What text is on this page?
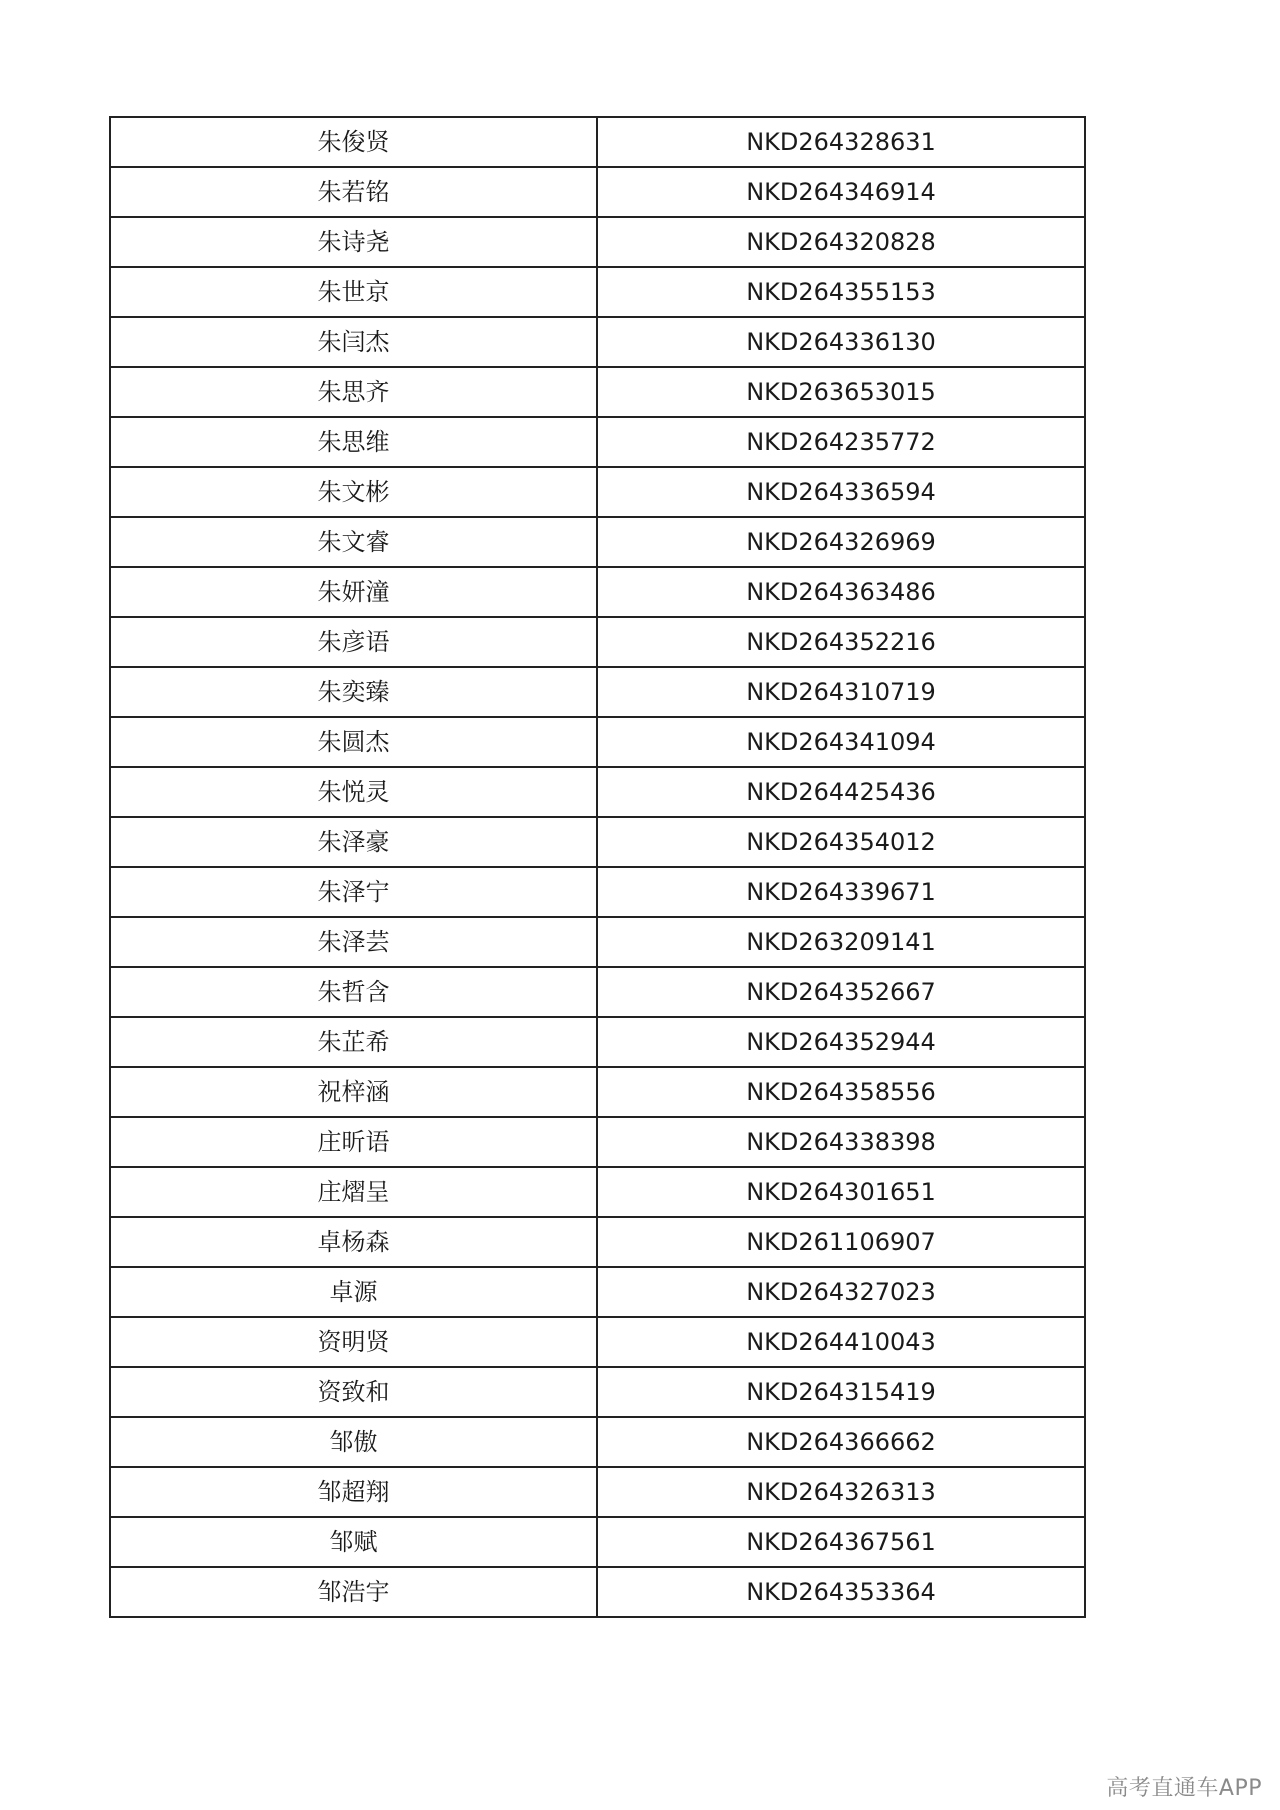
朱俊贤	NKD264328631
朱若铭	NKD264346914
朱诗尧	NKD264320828
朱世京	NKD264355153
朱闫杰	NKD264336130
朱思齐	NKD263653015
朱思维	NKD264235772
朱文彬	NKD264336594
朱文睿	NKD264326969
朱妍潼	NKD264363486
朱彦语	NKD264352216
朱奕臻	NKD264310719
朱圆杰	NKD264341094
朱悦灵	NKD264425436
朱泽豪	NKD264354012
朱泽宁	NKD264339671
朱泽芸	NKD263209141
朱哲含	NKD264352667
朱芷希	NKD264352944
祝梓涵	NKD264358556
庄昕语	NKD264338398
庄熠呈	NKD264301651
卓杨森	NKD261106907
卓源	NKD264327023
资明贤	NKD264410043
资致和	NKD264315419
邹傲	NKD264366662
邹超翔	NKD264326313
邹赋	NKD264367561
邹浩宇	NKD264353364
高考直通车APP
